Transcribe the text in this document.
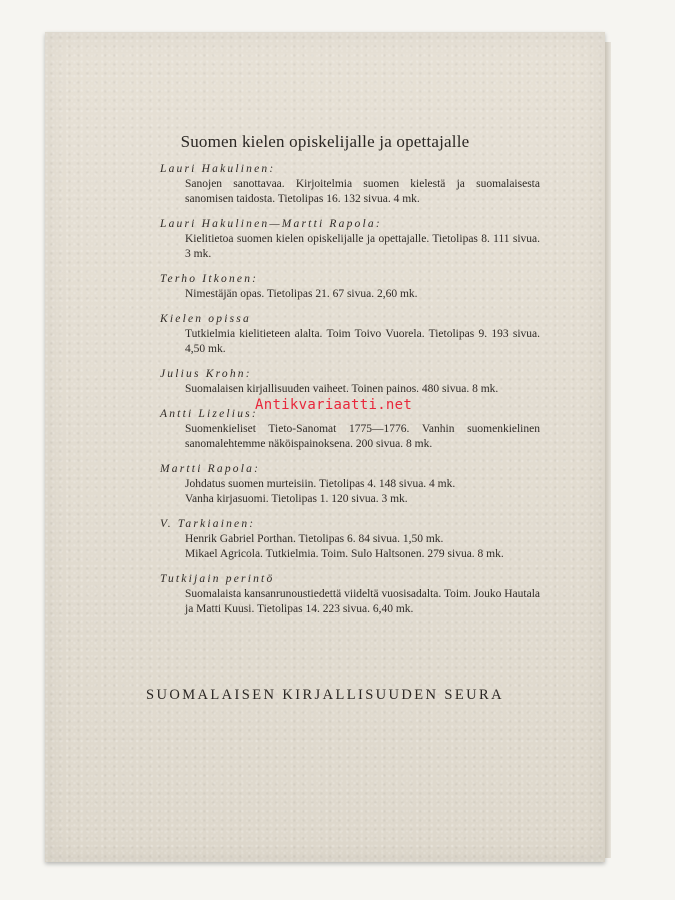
Suomen kielen opiskelijalle ja opettajalle
Lauri Hakulinen:

Sanojen sanottavaa. Kirjoitelmia suomen kielestä ja suomalaisesta sanomisen taidosta. Tietolipas 16. 132 sivua. 4 mk.

Lauri Hakulinen—Martti Rapola:

Kielitietoa suomen kielen opiskelijalle ja opettajalle. Tietolipas 8. 111 sivua. 3 mk.

Terho Itkonen:

Nimestäjän opas. Tietolipas 21. 67 sivua. 2,60 mk.

Kielen opissa

Tutkielmia kielitieteen alalta. Toim Toivo Vuorela. Tietolipas 9. 193 sivua. 4,50 mk.

Julius Krohn:

Suomalaisen kirjallisuuden vaiheet. Toinen painos. 480 sivua. 8 mk.

Antti Lizelius:

Suomenkieliset Tieto-Sanomat 1775—1776. Vanhin suomenkielinen sanomalehtemme näköispainoksena. 200 sivua. 8 mk.

Martti Rapola:

Johdatus suomen murteisiin. Tietolipas 4. 148 sivua. 4 mk.

Vanha kirjasuomi. Tietolipas 1. 120 sivua. 3 mk.

V. Tarkiainen:

Henrik Gabriel Porthan. Tietolipas 6. 84 sivua. 1,50 mk.

Mikael Agricola. Tutkielmia. Toim. Sulo Haltsonen. 279 sivua. 8 mk.

Tutkijain perintö

Suomalaista kansanrunoustiedettä viideltä vuosisadalta. Toim. Jouko Hautala ja Matti Kuusi. Tietolipas 14. 223 sivua. 6,40 mk.

SUOMALAISEN KIRJALLISUUDEN SEURA
Antikvariaatti.net
